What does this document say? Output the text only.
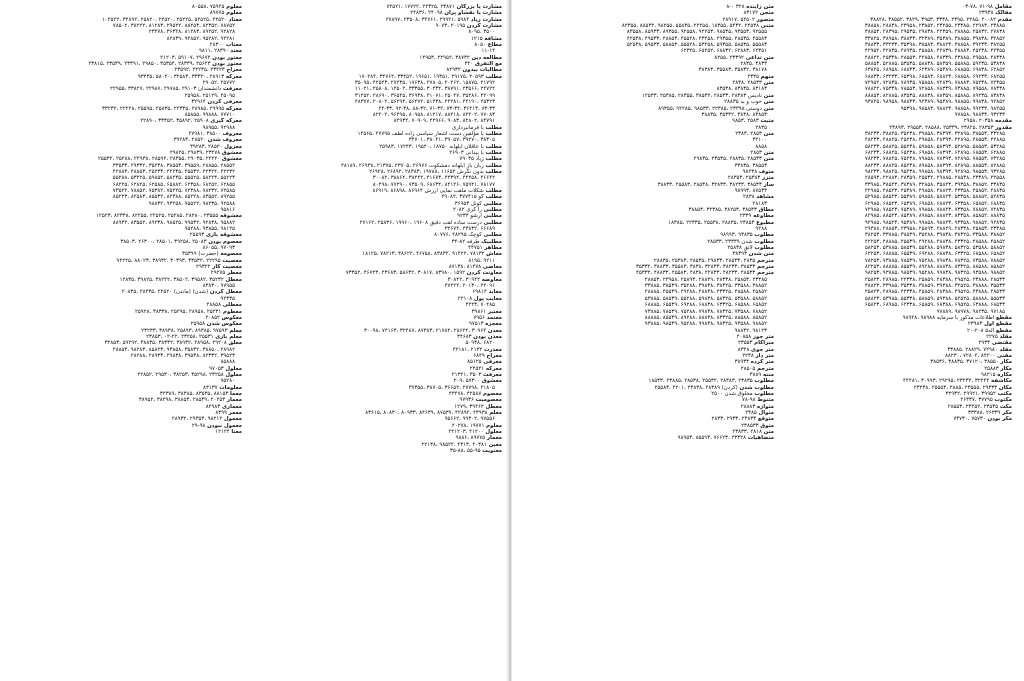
مشارت یا بزرگان ۲۳۸۷۱ ،۲۴۳۲۵ ،۱۷۷۲۲ ،۷۴۵۲۱
مشارت یا نقشاو پران ۲۴۰۹۸ ،۲۴۸۳۶
مشارت زیاد ۵۹۸۴ ،۲۹۹۲۱ ،۳۴۷۶۱ ،۲۳۵۰۸ ،۲۷۸۹۷
مشارت کردن ۲۰۱۹۵ ،۹۰۷۳
۳۵۰۰ ،۸۰۹۵
مشافه ۱۲۱۵
مطاع ۸۰۵۰
۱۱-۱۴
مطالعه دین ۳۸۷۳۲ ،۲۴۹۵۲ ،۱۴۹۵۳
مع التفرق ۳۲۰
مطالبات بیدون ۸۴۹۳۲
مطلب ۲۰۵۹۳ ،۲۹۱۷۵ ،۱۹۳۵۱ ،۱۹۶۵۱ ،۳۳۴۵۲ ،۳۴۷۶۴ ،۱۷۰۲۸۴
۲۱۷۹۲ ،۱۵۸۷۵ ،۲۰۴۶۲ ،۲۷۸۰۵ ،۱۷۶۳۸ ،۲۷۲۳۵ ،۴۲۵۴۳ ،۳۵۰۹۵
۲۴۷۲۴ ،۲۳۵۶۶ ،۳۸۷۹۱ ،۳۰۴۳۴ ،۳۳۳۵۵ ،۱۴۵۰۲ ،۲۵۸۰۸ ،۱۱۰۲۱
۴۲۰۹۹ ،۳۵۴۸۶ ،۲۵۰۴۷ ،۴۱۰۷۱ ،۳۶۹۳۸ ،۳۶۵۴۵ ،۲۸۶۹۰ ،۳۱۲۵۲
۴۵۳۲۳ ،۴۴۱۹۰ ،۴۴۲۸۱ ،۵۱۲۳۸ ،۵۶۴۷۲ ،۵۶۲۹۴ ،۲۰۸۰۲ ،۴۸۳۷۷
۷۳-۳۳ ،۳۶۴۱۳ ،۷۳-۳۴ ،۷۱-۳۲ ،۸۸-۳۲ ،۹۲-۳۸ ،۴۴-۳۳
۷۷۰۸۳ ،۸۴۴۰۲ ،۸۸۴۱۸ ،۸۱۲۱۷ ،۸۰۹۵۸ ،۹۶۴۹۵ ،۸۲۲۰۲
۸۴۷۹۱ ،۸۲۸۰۲ ،۹۰۸۳ ،۴۲۹۶۶ ،۷۰۹۰۹ ،۸۴۹۳۲
مطلب با فرمانبرداری
مطلب با مؤلفین دست اشعار سیاسی زاده لطف ۲۷۷۹۵ ،۱۴۵۶۵
۳۸۳۰۵ ،۳۹۲۷۰ ،۳۹۰۵۷ ،۳۸۰۴۱ ،۳۴۷۰۱
مطلب با عاقلان ابلهانه ۱۸۷۵۰ ،۱۹۵۴۰ ،۱۷۲۴۳ ،۲۵۹۸۳
مطلب با بیدانی ۲۶۹۰۳
مطلب زیاد ۷۹۰۳۵
مطلب زبان باز ابلهانه دمشکوت ۲۶۹۷۶ ،۲۳۷۰۵ ،۲۱۳۷۵ ،۲۶۹۳۸ ،۲۸۱۸۹
مطلب بدون نگرش ۱۱۶۵۴ ،۱۹۷۸۸ ،۲۸۳۸۳ ،۲۶۸۹۲ ،۲۶۹۲۸
۴۶۶۴۲ ،۴۴۴۵۸ ،۴۲۳۹۴ ،۴۱۶۷۳ ،۳۸۴۴۲ ،۳۸۸۶۴ ،۳۰۰۸۲
۷۸۱۷۷ ،۷۵۹۴۱ ،۸۴۱۲۶ ،۶۸۶۳۴ ،۷۳۵۰۹ ،۷۷۲۹۰ ،۸۰۴۹۸
مطلب شکلات ملقب نمایی ارزش ۸۶۹۶۴ ،۸۶۸۹۸ ،۸۶۹۱۹
مطلب گو ۳۷۷۴۱۵ ،۲۹۰۸۴
مطلبی کوتل ۳۶۹۵۳
مطلبی را گری ۲۰۸۲
مطلبی ارشو ۹۲۳۴
مطلبی درست ساده لقب دقیق ۱۹۶۰۸ ،۱۹۹۶۰ ،۲۵۸۳۶ ،۲۷۱۶۲
۶۶۶۸۹ ،۴۳۸۳۲ ،۳۲۶۷۴
مطلبی کوچک ۴۸۲۹۵ ،۸۰۷۷۶
مطلبیک طرفه ۸۲-۳۴
مظاهر ۴۴۷۵۱
معاش ۷۸۱۳۲ ،۹۱۴۲۲ ،۸۳۸۳۲ ،۴۶۷۵۸ ،۳۸۶۲۲ ،۷۸۲۱۳ ،۱۸۱۲۵
۹۲۱۱ ،۸۱۹۵
معاصی ۸۱۴۷۸ ،۸۷۱۳۸
معاونت کردن ۱۵۹۲ ،۸۳۹۸۰ ،۳۰۸۱۷ ،۵۸۶۳۲ ،۴۳۶۸۳ ،۴۶۷۴۳ ،۷۳۳۵۲
معاوضه ۳۰۹۴۲ ،۳۰۸۴۲
۲۲۰۹۱ ،۲۰۱۳۰ ،۴۷۲۲۴
معابد ۶۹۸۱۴
معایب پول ۲۲۱۰۸
۷۰۴۸۵ ،۴۲۴۳
معتبر ۳۹۸۶۱
معتمد ۷۹۵۶
معجزه ۹۷۵۱۳
معدن ۳۰۹۶۴ ،۲۸۶۲۴ ،۲۱۷۸۴ ،۸۷۳۸۳ ،۳۲۴۸۷ ،۷۴۱۶۳ ،۳۰۰۹۸
معدن بودن ۳۴۶۸۳
۶۸۲۰ ،۵۰۹۳۸
معذرت ۲۱۳۲ ،۴۲۱۸۱
معراج ۶۸۴۹
معرفی ۸۵۱۲۵
معرکه ۲۴۵۲۱
معرفت ۳۵۰۳ ،۲۱۳۲۱
معشوق ۵۷۳۰۰ ،۲۰۹
۲۱۸۰۵ ،۲۷۷۹۸ ،۳۶۶۵۲ ،۳۸۷۰۵ ،۳۷۳۵۵
معصوم ۴۲۵۸۷ ،۴۳۴۷۸
معصومیت ۹۷۹۳۶
معطل ۳۹۴۶۴ ،۱۲۷۹
معلم ۴۳۹۳۸ ،۴۲۸۹۲ ،۸۷۵۳۷ ،۸۴۶۳۹ ،۸۰۹۳۳ ،۸۰۸۳۰ ،۸۳۶۱۵
۹۷۵۵۶ ،۹۹۳۰۲ ،۹۵۶۶۲
معلوم ۱۹۷۷۱ ،۴۰۲۷۸
معلول ۴۱۲۰۰ ،۲۴۱۲۰۳
معمار ۸۹۷۷۵ ،۹۸۸۶
معین ۴۰۳۸۱ ،۴۳۱۳ ،۹۸۵۲۲ ،۲۲۱۳۸
معنویت ۹۵-۵۵ ،۸۸-۳۵
معلوم ۷۵۹۲۵ ،۸۰۵۵۸
معلوم ۸۹۷۷۵
معتاد ۲۲۵۲۰ ،۵۲۵۲۵ ،۲۵۲۲۵ ،۲۴۵۲۰ ،۲۵۸۲۰ ،۳۴۸۹۲ ،۱۰۲۵۲۲
۷۸۷۵۲ ،۸۲۳۵۲ ،۸۸۲۵۳ ،۲۹۵۲۲ ،۸۱۲۸۳ ،۳۸۲۲۲ ،۷۸۵۰۲
۹۲۸۲۸ ،۸۹۲۵۲ ،۸۱۲۸۳ ،۳۶۳۲۸ ،۲۳۲۷۸
۹۲۲۸۱ ،۹۵۲۸۲ ،۹۲۸۵۲ ،۸۲۸۳۹
معتاب ۲۸۳۰۰
معتد ۲۸۳۹۰ ،۹۸۱۱
معتور بودن ۲۹۶۷۲ ،۵۹۱۰۷ ،۲۱۲۰۳
معتور بودن ۲۵۶۴۳ ،۲۸۳۳۹ ،۳۵۳۵۴ ،۲۹۸۵۰ ،۲۳۳۹۱ ،۲۳۵۳۹ ،۲۳۸۱۵
معراج ۲۳۴۲۳ ،۲۴۲۳۵ ،۲۳۵۹۲
معرکه ۲۸۹۱۳ ،۳۳۳۲۰ ،۳۲۵۸۳ ،۵۸۰۲۰ ،۹۳۴۳۵
۲۵۷۷۲ ،۲۹۰۵۲
معرفت دانشمندان ۲۹۱۰۳ ،۲۹۷۸۵ ،۲۲۹۸۷ ،۳۳۸۲۷ ،۲۲۹۵۵
۴۵۰۹۵ ،۲۵۱۲۹ ،۲۵۹۵۸
معرفی کردن ۳۲۹۶۴
معرکه ۲۹۹۹۵ ،۲۸۹۸۵ ،۲۲۳۳۵ ،۲۵۸۳۵ ،۲۵۵۹۵ ،۲۲۲۲۸ ،۳۳۲۳۲
۷۷۷۱۰ ،۹۹۸۸۸ ،۸۵۸۵۵
معرکه گیری ۲۵۹۰۸ ،۳۵۸۹۲ ،۳۳۳۵۲ ،۲۲۸۹۰
۹۲۹۸۸ ،۹۸۹۵۵
معروف ۳۸۵۰۰ ،۲۷۹۸۱
معروف شدن ۲۸۵۲۰ ،۳۹۲۸۳
معزول ۲۸۵۲۰ ،۳۹۲۸۳
معشوق ۲۳۲۷۸ ،۲۹۸۳۹ ،۲۹۸۲۵
معشوق ۲۲۲۲۰ ،۲۹۰۳۵ ،۲۸۳۵۵ ،۲۸۵۹۲ ،۲۲۹۳۸ ،۲۵۲۸۸ ،۲۵۵۳۲
۲۸۵۵۲ ،۲۸۸۵۵ ،۳۹۵۵۹ ،۳۸۵۵۳ ،۳۵۲۳۸ ،۲۹۳۳۲ ،۳۳۵۳۳
۴۲۲۳۲ ،۴۲۳۲۴ ،۴۵۵۳۲ ،۴۲۲۳۵ ،۴۵۲۳۳ ،۴۸۸۵۳ ،۴۲۸۸۳
۵۵۲۲۳ ،۵۸۲۲۳ ،۵۵۵۲۵ ،۵۸۲۳۵ ،۵۹۸۵۲ ،۵۳۲۲۵ ،۵۵۲۸۸
۶۲۸۵۵ ،۶۸۲۵۲ ،۶۲۳۵۸ ،۶۵۸۸۲ ،۶۲۵۸۵ ،۶۲۸۲۵ ،۶۸۲۲۵
۷۲۵۸۵ ،۷۸۲۳۲ ،۷۲۳۸۸ ،۷۵۲۲۵ ،۷۵۳۸۲ ،۷۸۸۵۲ ،۷۳۵۲۲
۸۹۲۵۵ ،۸۳۵۵۲ ،۸۵۲۲۸ ،۸۲۳۸۸ ،۸۵۵۳۲ ،۸۲۵۸۳ ،۸۵۲۲۳
۹۲۵۸۸ ،۹۸۲۳۵ ،۹۵۵۲۲ ،۹۳۲۵۸ ،۹۸۸۳۲
۹۵۸۱۶
معشوقه ۲۳۵۵۵ ،۲۸۲۸۰ ،۲۵۲۸۵ ،۲۲۵۲۵ ،۸۲۲۵۵ ،۸۲۳۳۸ ،۱۲۵۲۳
۹۵۸۸۲ ،۹۲۸۳۸ ،۹۹۵۳۲ ،۹۸۵۲۵ ،۸۹۲۳۸ ،۸۳۵۵۲ ،۸۸۹۳۲
۹۸۱۲۵ ،۹۳۸۵۵ ،۹۵۲۸۸
معشوقه بازی ۲۵۵۹۳
معصوم بودن ۲۵۰۸۳ ،۳۹۲۵۸ ،۲۸۵۰۱ ،۲۶۳۰۰ ،۳۸۵۰۳
۹۷۰۹۳ ،۸۶۰۵۵
معصومه (حضرت) ۳۵۳۹۹
معصیت ۲۲۲۹۵ ،۳۳۵۳۲ ،۳۰۳۹۳ ،۳۸۹۳۲ ،۸۸۰۲۳ ،۹۴۲۲۵
معصیت کار ۲۹۳۲۲
معطر ۲۹۲۷۵
معطل ۳۵۲۳۲ ،۳۹۵۸۲ ،۳۸۵۰۲ ،۳۸۲۲۲ ،۳۹۸۲۵ ،۱۲۸۳۵
۹۷۹۵۵ ،۸۳۸۳۰
معطل کردن (شدن) (ماندن) ۲۲۵۲۰ ،۲۸۲۳۵ ،۲۰۸۳۵
۹۲۳۳۵
معطلی ۲۸۸۵۸
معطوم ۲۵۲۳۱ ،۲۸۹۵۸ ،۲۵۲۹۵ ،۳۸۳۳۸ ،۲۵۹۲۸
معکوس ۲۰۸۵۲
معکوس شدن ۲۵۹۵۸
معلم ۹۷۵۹۳ ،۸۹۳۸۵ ،۲۵۸۹۳ ،۳۸۹۳۸ ،۲۳۲۳۳
معلم بازی ۲۵۵۳۱ ،۲۳۲۵۸ ،۲۲-۰۲ ،۲۳۸۵۳
معلق ۲۹۲۰۸ ،۲۸۹۵۸ ،۳۸۹۳۲ ،۳۸۳۳۲ ،۳۸۸۳۵ ،۵۹۲۹۲ ،۳۲۸۵۳
۲۸۹۸۲ ،۳۸۸۵۰ ،۳۵۸۳۲ ،۹۳۸۵۸ ،۸۵۸۲۳ ،۹۸۲۸۳ ،۲۸۸۵۳
۳۹۵۲۳ ،۸۲۳۳۲ ،۳۹۵۳۸ ،۲۹۸۳۸ ،۲۸۹۳۳ ،۲۸۲۸۸
۸۵۸۸۸
معلول ۹۷۰۵۳
معلول ۲۳۲۵۸ ،۳۵۲۹۸ ،۳۸۲۵۳ ،۲۹۵۳۰ ،۲۲۸۵۲
۹۵۲۸۰
معلومات ۸۳۱۳۷
معما ۸۸۱۵۳ ،۸۳۵۳۵ ،۳۸۳۸۵ ،۳۲۳۸۹
معمار ۲۰۲۵۳ ،۲۸۵۳۹ ،۳۸۸۵۳ ،۳۸۲۹۸ ،۳۸۹۵۲
معماری ۸۴۹۸۳
معمر ۸۳۹۹
معمول ۹۸۲۱۲ ،۲۹۳۵۳ ،۲۸۹۳۲
معمول نبودن ۹۸-۲۹
معنا ۱۲۱۲۴
مقامل ۹۸-۷۱ ،۷۸-۰۳
مقالک ۲۳۹۳۸
مقدم ۲۰۰۸۲ ،۲۲۸۵ ،۲۳۹۵ ،۳۳۳۸ ،۳۹۵۳ ،۳۸۲۹ ،۳۸۵۵۲ ،۳۸۸۲۸
۲۳۸۸۵ ،۲۲۹۸۳ ،۲۳۳۸۵ ،۲۳۲۵۵ ،۲۳۸۵۲ ،۲۳۹۵۸ ،۲۸۸۳۸ ،۳۸۸۵۸
۲۷۸۳۸ ،۲۵۸۳۲ ،۲۸۸۸۵ ،۲۲۳۵۹ ،۲۹۸۳۸ ،۲۹۵۳۵ ،۲۸۳۹۵ ،۳۸۸۵۳
۳۲۸۵۲ ،۳۹۸۳۸ ،۳۸۸۵۵ ،۳۵۳۸۹ ،۳۲۳۸۹ ،۳۸۸۳۳ ،۳۸۹۵۸ ،۳۳۸۲۵
۳۸۲۵۵ ،۳۹۲۳۳ ،۳۸۸۵۸ ،۳۸۸۲۳ ،۳۸۵۸۳ ،۳۵۳۹۸ ،۳۳۲۳۳ ،۳۸۸۳۳
۴۲۳۵۵ ،۴۵۲۳۸ ،۴۸۸۸۳ ،۴۲۸۳۹ ،۴۵۸۵۸ ،۴۸۹۳۵ ،۴۲۸۳۵ ،۴۲۹۵۲
۴۸۳۳۸ ،۴۹۵۵۸ ،۴۳۸۸۵ ،۴۸۳۳۹ ،۴۲۸۵۸ ،۴۸۵۵۳ ،۴۵۳۳۸ ،۴۸۸۲۲
۵۳۸۳۸ ،۵۹۲۳۵ ،۵۵۸۸۵ ،۵۸۳۵۹ ،۵۸۸۳۸ ،۵۳۵۳۵ ،۵۲۸۸۵ ،۵۸۸۵۳
۶۲۸۵۲ ،۶۹۸۳۸ ،۶۸۸۵۵ ،۶۵۳۸۹ ،۶۲۳۸۹ ،۶۸۸۳۳ ،۶۸۹۵۸ ،۶۳۸۲۵
۶۸۲۵۵ ،۶۹۲۳۳ ،۶۸۸۵۸ ،۶۸۸۲۳ ،۶۸۵۸۳ ،۶۵۳۹۸ ،۶۳۲۳۳ ،۶۸۸۳۳
۷۲۳۵۵ ،۷۵۲۳۸ ،۷۸۸۸۳ ،۷۲۸۳۹ ،۷۵۸۵۸ ،۷۸۹۳۵ ،۷۲۸۳۵ ،۷۲۹۵۲
۷۸۳۳۸ ،۷۹۵۵۸ ،۷۳۸۸۵ ،۷۸۳۳۹ ،۷۲۸۵۸ ،۷۸۵۵۳ ،۷۵۳۳۸ ،۷۸۸۲۲
۸۳۸۳۸ ،۸۹۲۳۵ ،۸۵۸۸۵ ،۸۸۳۵۹ ،۸۸۸۳۸ ،۸۳۵۳۵ ،۸۲۸۸۵ ،۸۸۸۵۳
۹۲۸۵۲ ،۹۹۸۳۸ ،۹۸۸۵۵ ،۹۵۳۸۹ ،۹۲۳۸۹ ،۹۸۸۳۳ ،۹۸۹۵۸ ،۹۳۸۲۵
۹۸۲۵۵ ،۹۹۲۳۳ ،۹۸۸۵۸ ،۹۸۸۲۳ ،۹۸۵۸۳ ،۹۵۳۹۸
۹۳۲۳۳ ،۹۸۸۳۳ ،۹۷۸۵۸
مقدمه ۲۰۳۵۸ ،۲۹۵۸
مقدور ۲۸۳۵۳ ،۲۳۸۲۵ ،۲۵۳۳۹ ،۲۸۵۸۸ ،۲۹۵۵۳ ،۲۳۸۹۳
۳۳۲۸۵ ،۳۸۵۵۳ ،۳۲۸۹۵ ،۳۸۳۹۳ ،۳۹۸۵۸ ،۳۵۲۳۸ ،۳۸۸۲۵ ،۳۸۲۳۳
۴۲۸۸۵ ،۴۸۵۵۳ ،۴۲۸۹۵ ،۴۸۳۹۳ ،۴۹۸۵۸ ،۴۵۲۳۸ ،۴۸۸۲۵ ،۴۸۲۳۳
۵۳۲۸۵ ،۵۸۵۵۳ ،۵۲۸۹۵ ،۵۸۳۹۳ ،۵۹۸۵۸ ،۵۵۲۳۸ ،۵۸۸۲۵ ،۵۸۲۳۳
۶۲۸۸۵ ،۶۸۵۵۳ ،۶۲۸۹۵ ،۶۸۳۹۳ ،۶۹۸۵۸ ،۶۵۲۳۸ ،۶۸۸۲۵ ،۶۸۲۳۳
۷۳۲۸۵ ،۷۸۵۵۳ ،۷۲۸۹۵ ،۷۸۳۹۳ ،۷۹۸۵۸ ،۷۵۲۳۸ ،۷۸۸۲۵ ،۷۸۲۳۳
۸۲۸۸۵ ،۸۸۵۵۳ ،۸۲۸۹۵ ،۸۸۳۹۳ ،۸۹۸۵۸ ،۸۵۲۳۸ ،۸۸۸۲۵ ،۸۸۲۳۳
۹۳۲۸۵ ،۹۸۵۵۳ ،۹۲۸۹۵ ،۹۸۳۹۳ ،۹۹۸۵۸ ،۹۵۲۳۸ ،۹۸۸۲۵ ،۹۸۲۳۳
۲۲۵۵۸ ،۲۳۳۸۹ ،۲۸۵۳۸ ،۲۹۸۸۵ ،۲۵۵۳۲ ،۲۸۳۵۹ ،۲۲۸۸۳ ،۲۸۵۹۳
۳۳۸۳۵ ،۳۸۸۵۲ ،۳۹۳۵۸ ،۳۵۸۲۳ ،۳۲۸۵۸ ،۳۸۳۸۹ ،۳۸۵۲۳ ،۳۳۹۸۵
۴۸۸۳۵ ،۴۵۸۵۲ ،۴۳۳۵۸ ،۴۸۸۲۳ ،۴۹۸۵۸ ،۴۵۳۸۹ ،۴۸۵۲۳ ،۴۲۹۸۵
۵۲۸۳۵ ،۵۸۸۵۲ ،۵۳۳۵۸ ،۵۸۸۲۳ ،۵۹۸۵۸ ،۵۵۳۸۹ ،۵۸۵۲۳ ،۵۲۹۸۵
۶۸۸۳۵ ،۶۵۸۵۲ ،۶۳۳۵۸ ،۶۸۸۲۳ ،۶۹۸۵۸ ،۶۵۳۸۹ ،۶۸۵۲۳ ،۶۲۹۸۵
۷۲۸۳۵ ،۷۸۸۵۲ ،۷۳۳۵۸ ،۷۸۸۲۳ ،۷۹۸۵۸ ،۷۵۳۸۹ ،۷۸۵۲۳ ،۷۲۹۸۵
۸۸۸۳۵ ،۸۵۸۵۲ ،۸۳۳۵۸ ،۸۸۸۲۳ ،۸۹۸۵۸ ،۸۵۳۸۹ ،۸۸۵۲۳ ،۸۲۹۸۵
۹۲۸۳۵ ،۹۸۸۵۲ ،۹۳۳۵۸ ،۹۸۸۲۳ ،۹۹۸۵۸ ،۹۵۳۸۹ ،۹۸۵۲۳ ،۹۲۹۸۵
۲۳۳۸۵ ،۲۵۸۵۳ ،۲۸۳۳۸ ،۲۸۸۲۹ ،۲۵۸۹۳ ،۲۳۹۵۸ ،۲۸۸۵۳ ،۲۹۳۸۸
۳۸۸۵۲ ،۳۳۵۸۸ ،۳۸۳۲۵ ،۳۹۸۳۸ ،۳۵۲۸۸ ،۳۸۵۳۹ ،۳۳۸۸۵ ،۳۸۲۵۳
۴۵۸۵۲ ،۴۸۵۸۸ ،۴۳۳۲۵ ،۴۸۸۳۸ ،۴۹۲۸۸ ،۴۵۵۳۹ ،۴۸۸۸۵ ،۴۲۲۵۳
۵۸۸۵۲ ،۵۳۵۸۸ ،۵۸۳۲۵ ،۵۹۸۳۸ ،۵۵۲۸۸ ،۵۸۵۳۹ ،۵۳۸۸۵ ،۵۸۲۵۳
۶۵۸۵۲ ،۶۸۵۸۸ ،۶۳۳۲۵ ،۶۸۸۳۸ ،۶۹۲۸۸ ،۶۵۵۳۹ ،۶۸۸۸۵ ،۶۲۲۵۳
۷۸۸۵۲ ،۷۳۵۸۸ ،۷۸۳۲۵ ،۷۹۸۳۸ ،۷۵۲۸۸ ،۷۸۵۳۹ ،۷۳۸۸۵ ،۷۸۲۵۳
۸۵۸۵۲ ،۸۸۵۸۸ ،۸۳۳۲۵ ،۸۸۸۳۸ ،۸۹۲۸۸ ،۸۵۵۳۹ ،۸۸۸۸۵ ،۸۲۲۵۳
۹۸۸۵۲ ،۹۳۵۸۸ ،۹۸۳۲۵ ،۹۹۸۳۸ ،۹۵۲۸۸ ،۹۸۵۳۹ ،۹۳۸۸۵ ،۹۸۲۵۳
۲۸۵۳۳ ،۲۳۸۸۸ ،۲۹۵۲۵ ،۲۸۳۸۸ ،۲۵۸۵۹ ،۲۲۳۳۸ ،۲۸۹۸۵ ،۲۵۸۲۳
۳۵۵۳۳ ،۳۸۸۸۸ ،۳۲۵۲۵ ،۳۹۳۸۸ ،۳۸۸۵۹ ،۳۵۳۳۸ ،۳۳۹۸۵ ،۳۸۸۲۳
۴۸۵۳۳ ،۴۳۸۸۸ ،۴۹۵۲۵ ،۴۸۳۸۸ ،۴۵۸۵۹ ،۴۲۳۳۸ ،۴۸۹۸۵ ،۴۵۸۲۳
۵۵۵۳۳ ،۵۸۸۸۸ ،۵۲۵۲۵ ،۵۹۳۸۸ ،۵۸۸۵۹ ،۵۵۳۳۸ ،۵۳۹۸۵ ،۵۸۸۲۳
۶۸۵۳۳ ،۶۳۸۸۸ ،۶۹۵۲۵ ،۶۸۳۸۸ ،۶۵۸۵۹ ،۶۲۳۳۸ ،۶۸۹۸۵ ،۶۵۸۲۳
۹۷۱۸۵ ،۹۸۲۳۵ ،۹۸۹۷۸ ،۹۷۸۸۹
مقطع اطلاعات مذکور با سرمایه ۹۸۹۸۸ ،۹۸۹۲۸
مقطع اول ۲۳۹۸۳
مقطع اله۵ ۲۰۸-۲۰
مقلد ۲۲۷۵
مقتضی ۲۹۳۳
مقلد ۷۲۹۸۰ ،۲۸۸۲۹ ،۳۳۸۸۵
مقنی ۸۴۲۰۰ ،۷۲۸۰۲ ،۸۸۲۳۰
مکار ۳۸۵۵۰ ،۳۷۱۲۰ ،۳۸۸۳۵ ،۳۸۵۳۶
مکار ۲۵۸۸۳
مکاره ۹۸۲۱۵
مکاشفه ۳۲۴۴۴ ،۲۳۲۳۲ ،۲۹۲۹۵ ،۳۰۹۹۳ ،۴۴۴۸۱
مکان ۲۹۳۳۳ ،۲۳۵۵۵ ،۲۸۸۵ ،۲۵۵۵۳ ،۲۳۲۳۸
مکتب ۳۹۹۵۲ ،۴۹۹۲۱ ،۳۲۹۳۲
مکتوب ۳۷۷۹۵ ،۲۶۳۳۷
مکث ۲۳۵۳۵ ،۲۳۲۵۲ ،۲۸۵۵۳
مکر ۲۶۳۳۹ ،۳۳۳۸۸
مکر بودن ۷۵۷۳۰ ،۷۳۷۳۰
متن زاینده ۳۲۸ ۰-۸
متحن ۸۳۱۷۲
متصور ۵۲۵۰۲ ،۲۸۹۱۷
متنی ۲۴۵۳۸ ،۵۴۳۲ ،۱۸۳۵۵ ،۲۲۲۵۵ ،۵۵۸۳۵ ،۹۸۲۵۵ ،۸۸۵۳۲ ،۸۲۳۵۵
۹۲۵۵۵ ،۹۳۵۵۳ ،۹۸۵۳۵ ،۹۲۲۵۳ ،۹۲۵۵۸ ،۸۹۳۵۵ ،۸۵۹۳۳ ،۸۳۵۵۸
۴۵۵۸۳ ،۴۸۵۳۵ ،۴۹۳۵۵ ،۴۳۲۵۸ ،۴۵۵۲۸ ،۴۸۸۵۳ ،۴۹۵۳۳ ،۴۲۵۳۸
۵۵۵۸۳ ،۵۸۵۳۵ ،۵۹۳۵۵ ،۵۳۲۵۸ ،۵۵۵۲۸ ،۵۸۸۵۳ ،۵۹۵۳۳ ،۵۲۵۳۸
۶۲۳۵۱ ،۶۲۸۸۳ ،۶۸۸۳۲ ،۶۵۲۵۲ ،۶۲۳۲۵
متن تداعی ۲۳۳۹۲ ،۸۲۵۵
۳۸۳۳ ،۲۸۳۵
۳۸۱۷۸ ،۳۵۸۳۲ ،۳۵۵۸۳ ،۳۸۳۸۳
متهم ۲۳۳۵
متن ۲۸۵۳۳ ،۲۸۳۸
۸۳۱۸۳ ،۸۳۸۳۵ ،۸۳۵۳۸
متن نادیس ۲۸۳۸۳ ،۲۸۵۳۳ ،۳۸۵۳۲ ،۲۸۳۵۵ ،۲۵۳۸۵ ،۱۲۵۳۳
متن خوب و بد ۲۸۸۳۵
متن دوستی ۲۳۳۹۸ ،۲۲۳۸۵ ،۹۸۵۳۳ ،۹۲۲۸۵ ،۸۹۳۵۵
۸۳۸۵۳ ،۳۸۳۸ ،۳۵۳۳۲ ،۳۸۸۳۵
متبت ۲۵۸۳ ،۹۸۵۳
۲۸۳۵
متن ۲۸۵۳ ،۲۳۸۳
۳۲۱۰۰
۸۸۵۸
متن ۲۸۵۳
متن ۲۸۵۳۳ ،۲۸۸۳۵ ،۲۳۵۳۵ ،۲۹۸۳۵
۳۸۵۵۳ ،۳۳۸۳۵
متوف ۹۸۲۳۸
متزر ۲۵۳۸۳ ،۲۸۳۵۳
ساز ۳۸۵۳۳ ،۳۸۲۳۳ ،۳۲۸۳۳ ،۲۸۵۳۸ ،۲۵۵۸۳ ،۳۸۸۳۳
۸۷۵۳۳ ،۹۸۹۹۳
مشاهد ۲۸۳۸
۲۸۱۸۳
مطاق ۳۸۵۳۳ ،۳۸۲۵۳ ،۳۲۳۸۵ ،۳۸۸۵۳
مطاوعه ۲۳۳۹
مطبوع ۲۳۸۵۳ ،۲۸۸۳۵ ،۲۵۵۳۸ ،۲۲۳۳۵ ،۱۸۳۸۵
۹۲۸۸
مطلوب ۹۳۸۳۵ ،۹۸۹۹۳
مطلوب شدن ۲۳۳۳۹ ،۲۸۵۳۳
مطلوب لائق ۲۵۸۳۸
متن شدن ۳۸۳۹۳
مترجم ۲۸۳۵ ،۲۸۵۳۳ ،۲۹۸۳۳ ،۲۸۵۳۵ ،۲۵۳۸۳ ،۲۸۸۳۵
مترجم ۳۸۵۳۳ ،۳۸۲۳۳ ،۳۲۸۳۳ ،۳۸۳۸ ،۳۵۵۸۳ ،۳۸۸۳۳ ،۳۵۳۳۲
مترجم ۴۸۵۳۳ ،۴۸۲۳۳ ،۴۲۸۳۳ ،۴۸۳۸ ،۴۵۵۸۳ ،۴۸۸۳۳ ،۴۵۳۳۲
۲۳۳۸۵ ،۲۵۸۵۳ ،۲۸۳۳۸ ،۲۸۸۲۹ ،۲۵۸۹۳ ،۲۳۹۵۸ ،۲۸۸۵۳
۳۸۸۵۲ ،۳۳۵۸۸ ،۳۸۳۲۵ ،۳۹۸۳۸ ،۳۵۲۸۸ ،۳۸۵۳۹ ،۳۳۸۸۵
۴۵۸۵۲ ،۴۸۵۸۸ ،۴۳۳۲۵ ،۴۸۸۳۸ ،۴۹۲۸۸ ،۴۵۵۳۹ ،۴۸۸۸۵
۵۸۸۵۲ ،۵۳۵۸۸ ،۵۸۳۲۵ ،۵۹۸۳۸ ،۵۵۲۸۸ ،۵۸۵۳۹ ،۵۳۸۸۵
۶۵۸۵۲ ،۶۸۵۸۸ ،۶۳۳۲۵ ،۶۸۸۳۸ ،۶۹۲۸۸ ،۶۵۵۳۹ ،۶۸۸۸۵
۷۸۸۵۲ ،۷۳۵۸۸ ،۷۸۳۲۵ ،۷۹۸۳۸ ،۷۵۲۸۸ ،۷۸۵۳۹ ،۷۳۸۸۵
۸۵۸۵۲ ،۸۸۵۸۸ ،۸۳۳۲۵ ،۸۸۸۳۸ ،۸۹۲۸۸ ،۸۵۵۳۹ ،۸۸۸۸۵
۹۸۸۵۲ ،۹۳۵۸۸ ،۹۸۳۲۵ ،۹۹۸۳۸ ،۹۵۲۸۸ ،۹۸۵۳۹ ،۹۳۸۸۵
۹۸۱۲۳ ،۹۸۸۳۲
متر جوز ۲۰۸۵۸
متراکام ۲۳۵۵۳
متر جوی ۸۳۴۸
متر دار ۲۲۳۸
متر کرده ۳۸۹۳۳
مترجم ۲۸۵۰۵
متنه ۳۸۸۹
مطلوب ۲۳۸۳۵ ،۲۸۳۸۳ ،۲۵۵۳۲ ،۲۸۵۳۸ ،۲۳۸۸۵ ،۱۸۵۳۳
مطلوب شدن (کردن) ۲۸۳۸۹ ،۲۳۸۳۸ ،۲۲۰۱ ،۲۵۵۸۳
مطلوب مخلوق شدن ۲۵۰۰
متنوط ۹۸-۷۸
متوازه ۲۸۸۸۳
متوال ۲۳۸۵
متوقع ۲۳۸۳۳ ،۲۹۳۳ ،۲۸۳۳
متوق ۲۳۸۵۳۳
متن ۲۸۱۸ ،۲۳۸۳۳
متضاهیات ۲۳۳۲۸ ،۷۶۶۲۳ ،۸۵۵۹۳ ،۹۸۹۵۳
